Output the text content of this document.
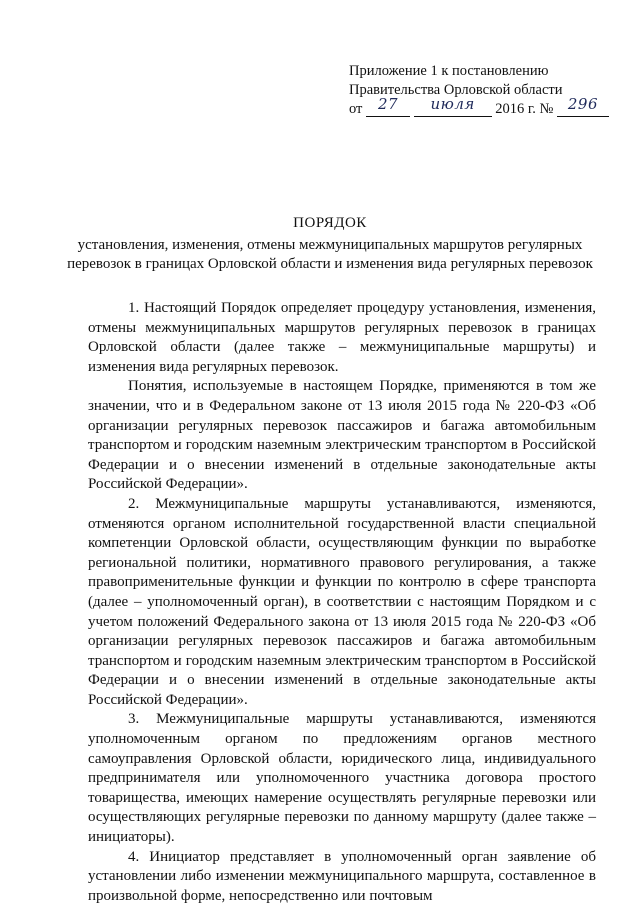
Приложение 1 к постановлению
Правительства Орловской области
от 27 июля 2016 г. № 296
ПОРЯДОК
установления, изменения, отмены межмуниципальных маршрутов регулярных перевозок в границах Орловской области и изменения вида регулярных перевозок

1. Настоящий Порядок определяет процедуру установления, изменения, отмены межмуниципальных маршрутов регулярных перевозок в границах Орловской области (далее также – межмуниципальные маршруты) и изменения вида регулярных перевозок.

Понятия, используемые в настоящем Порядке, применяются в том же значении, что и в Федеральном законе от 13 июля 2015 года № 220-ФЗ «Об организации регулярных перевозок пассажиров и багажа автомобильным транспортом и городским наземным электрическим транспортом в Российской Федерации и о внесении изменений в отдельные законодательные акты Российской Федерации».

2. Межмуниципальные маршруты устанавливаются, изменяются, отменяются органом исполнительной государственной власти специальной компетенции Орловской области, осуществляющим функции по выработке региональной политики, нормативного правового регулирования, а также правоприменительные функции и функции по контролю в сфере транспорта (далее – уполномоченный орган), в соответствии с настоящим Порядком и с учетом положений Федерального закона от 13 июля 2015 года № 220-ФЗ «Об организации регулярных перевозок пассажиров и багажа автомобильным транспортом и городским наземным электрическим транспортом в Российской Федерации и о внесении изменений в отдельные законодательные акты Российской Федерации».

3. Межмуниципальные маршруты устанавливаются, изменяются уполномоченным органом по предложениям органов местного самоуправления Орловской области, юридического лица, индивидуального предпринимателя или уполномоченного участника договора простого товарищества, имеющих намерение осуществлять регулярные перевозки или осуществляющих регулярные перевозки по данному маршруту (далее также – инициаторы).

4. Инициатор представляет в уполномоченный орган заявление об установлении либо изменении межмуниципального маршрута, составленное в произвольной форме, непосредственно или почтовым
